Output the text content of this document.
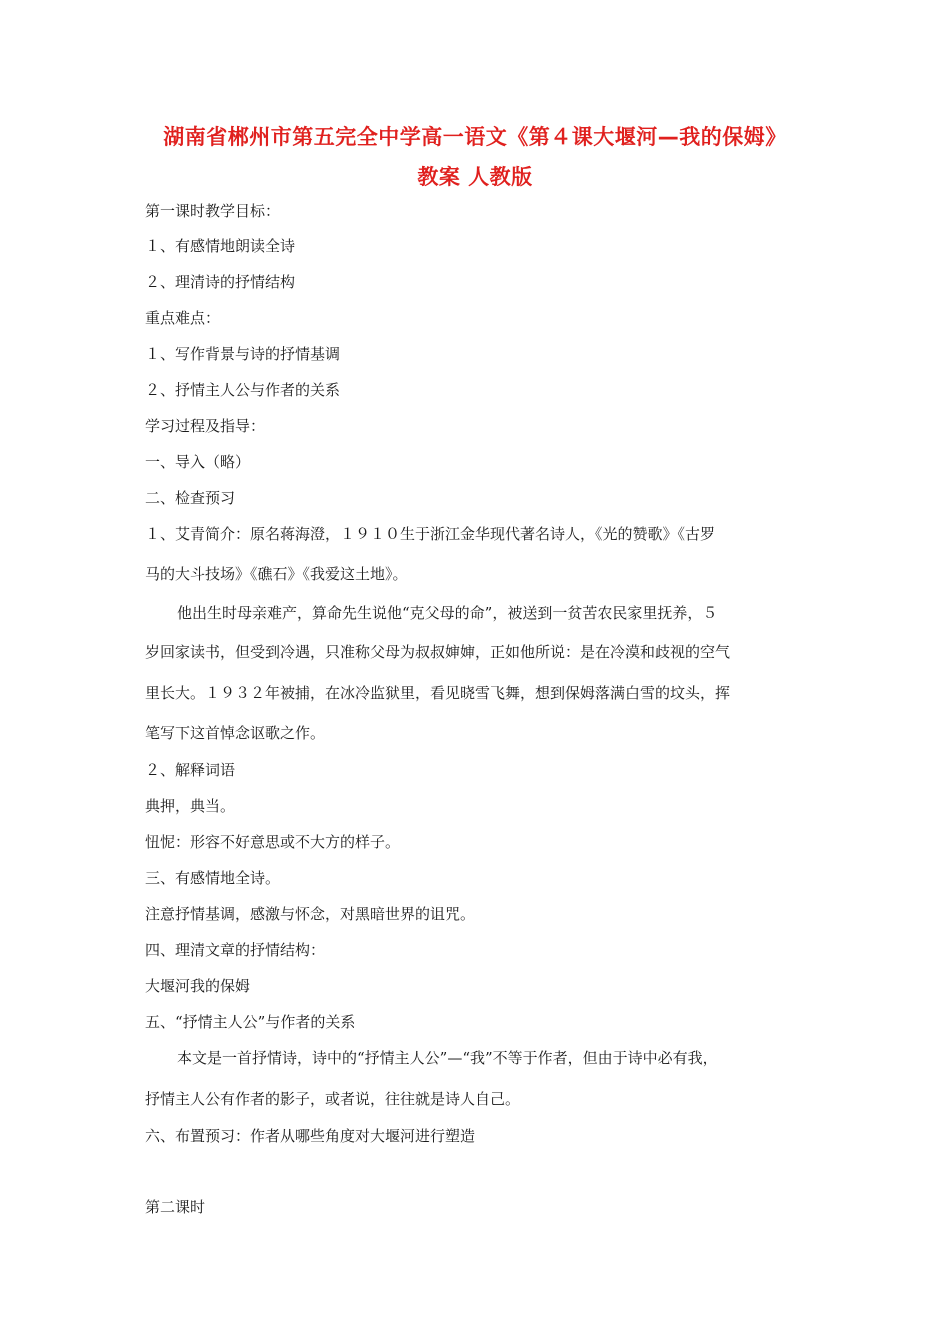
湖南省郴州市第五完全中学高一语文《第４课大堰河—我的保姆》
教案 人教版
第一课时教学目标：
１、有感情地朗读全诗
２、理清诗的抒情结构
重点难点：
１、写作背景与诗的抒情基调
２、抒情主人公与作者的关系
学习过程及指导：
一、导入（略）
二、检查预习
１、艾青简介：原名蒋海澄，１９１０生于浙江金华现代著名诗人，《光的赞歌》《古罗
马的大斗技场》《礁石》《我爱这土地》。
他出生时母亲难产，算命先生说他“克父母的命”，被送到一贫苦农民家里抚养，５
岁回家读书，但受到冷遇，只准称父母为叔叔婶婶，正如他所说：是在冷漠和歧视的空气
里长大。１９３２年被捕，在冰冷监狱里，看见晓雪飞舞，想到保姆落满白雪的坟头，挥
笔写下这首悼念讴歌之作。
２、解释词语
典押，典当。
忸怩：形容不好意思或不大方的样子。
三、有感情地全诗。
注意抒情基调，感激与怀念，对黑暗世界的诅咒。
四、理清文章的抒情结构：
大堰河我的保姆
五、“抒情主人公”与作者的关系
本文是一首抒情诗，诗中的“抒情主人公”—“我”不等于作者，但由于诗中必有我，
抒情主人公有作者的影子，或者说，往往就是诗人自己。
六、布置预习：作者从哪些角度对大堰河进行塑造
第二课时
